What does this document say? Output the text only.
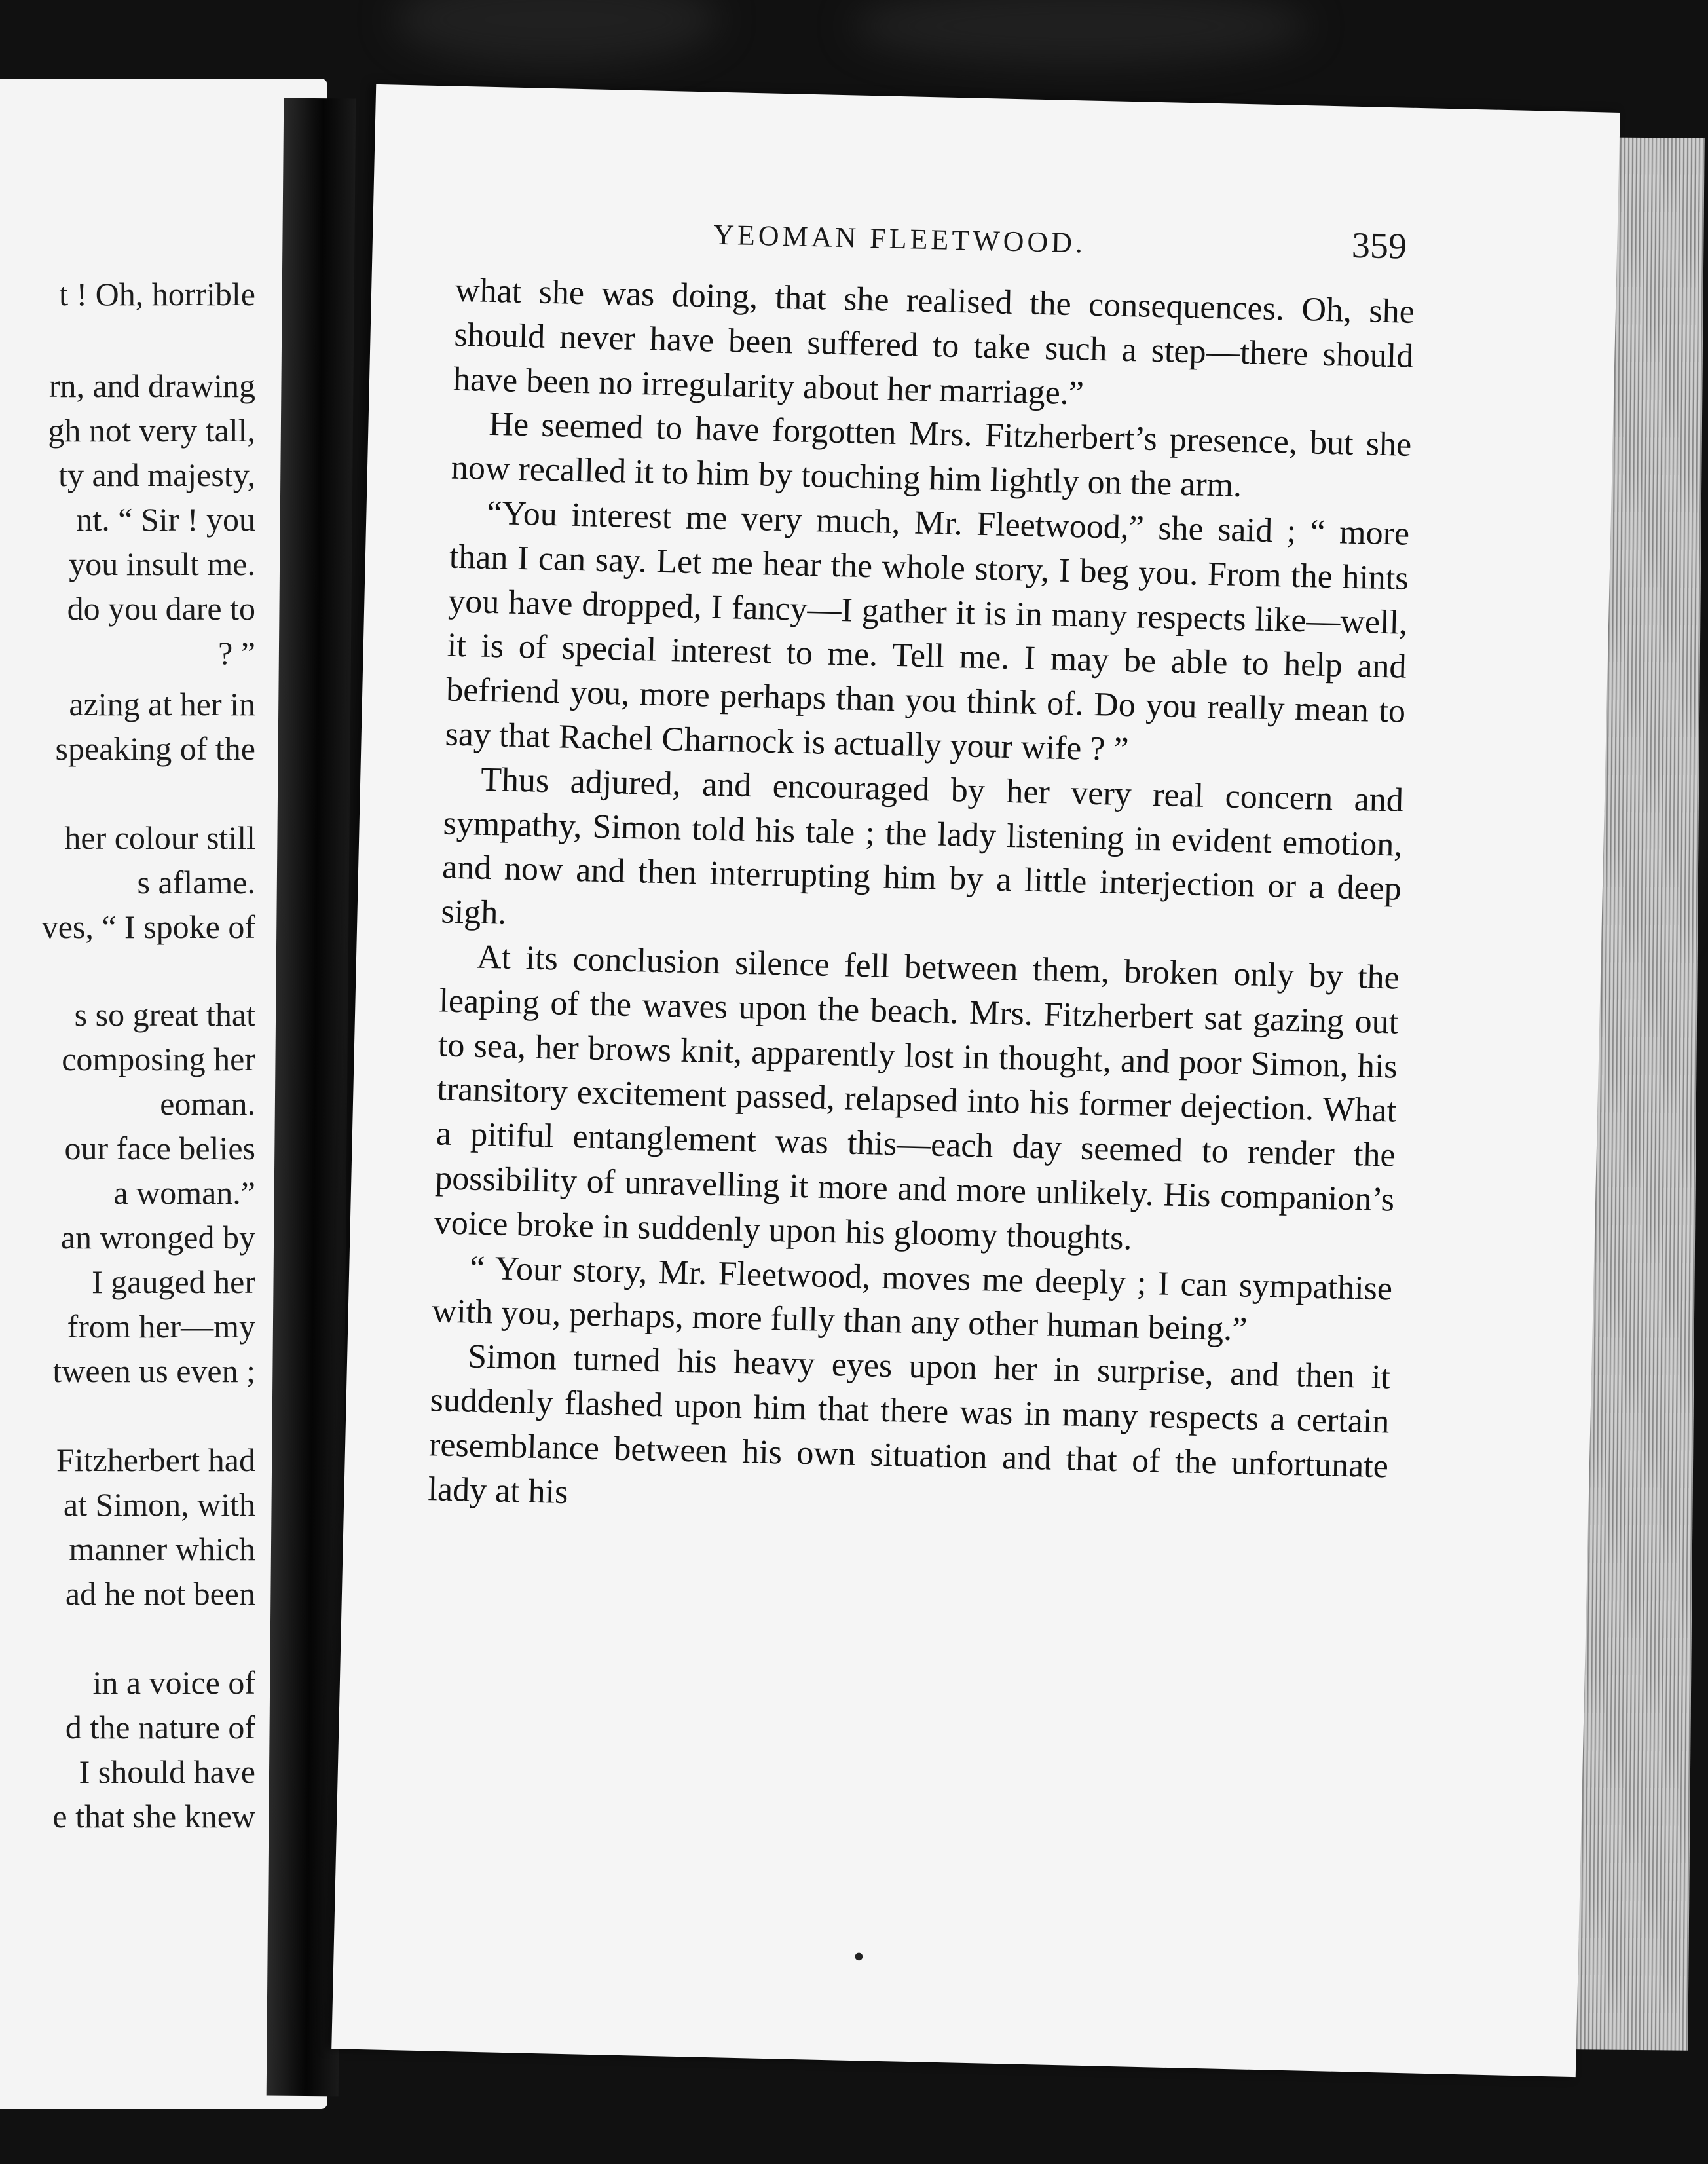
t ! Oh, horrible
rn, and drawing
gh not very tall,
ty and majesty,
nt. “ Sir ! you
you insult me.
do you dare to
? ”
azing at her in
speaking of the
her colour still
s aflame.
ves, “ I spoke of
s so great that
composing her
eoman.
our face belies
a woman.”
an wronged by
I gauged her
from her—my
tween us even ;
Fitzherbert had
at Simon, with
manner which
ad he not been
in a voice of
d the nature of
I should have
e that she knew
YEOMAN FLEETWOOD.	359

what she was doing, that she realised the consequences. Oh, she should never have been suffered to take such a step—there should have been no irregularity about her marriage.”

He seemed to have forgotten Mrs. Fitzherbert’s presence, but she now recalled it to him by touching him lightly on the arm.

“You interest me very much, Mr. Fleetwood,” she said ; “ more than I can say. Let me hear the whole story, I beg you. From the hints you have dropped, I fancy—I gather it is in many respects like—well, it is of special interest to me. Tell me. I may be able to help and befriend you, more perhaps than you think of. Do you really mean to say that Rachel Charnock is actually your wife ? ”

Thus adjured, and encouraged by her very real concern and sympathy, Simon told his tale ; the lady listening in evident emotion, and now and then interrupting him by a little interjection or a deep sigh.

At its conclusion silence fell between them, broken only by the leaping of the waves upon the beach. Mrs. Fitzherbert sat gazing out to sea, her brows knit, apparently lost in thought, and poor Simon, his transitory excitement passed, relapsed into his former dejection. What a pitiful entanglement was this—each day seemed to render the possibility of unravelling it more and more unlikely. His companion’s voice broke in suddenly upon his gloomy thoughts.

“ Your story, Mr. Fleetwood, moves me deeply ; I can sympathise with you, perhaps, more fully than any other human being.”

Simon turned his heavy eyes upon her in surprise, and then it suddenly flashed upon him that there was in many respects a certain resemblance between his own situation and that of the unfortunate lady at his

•
